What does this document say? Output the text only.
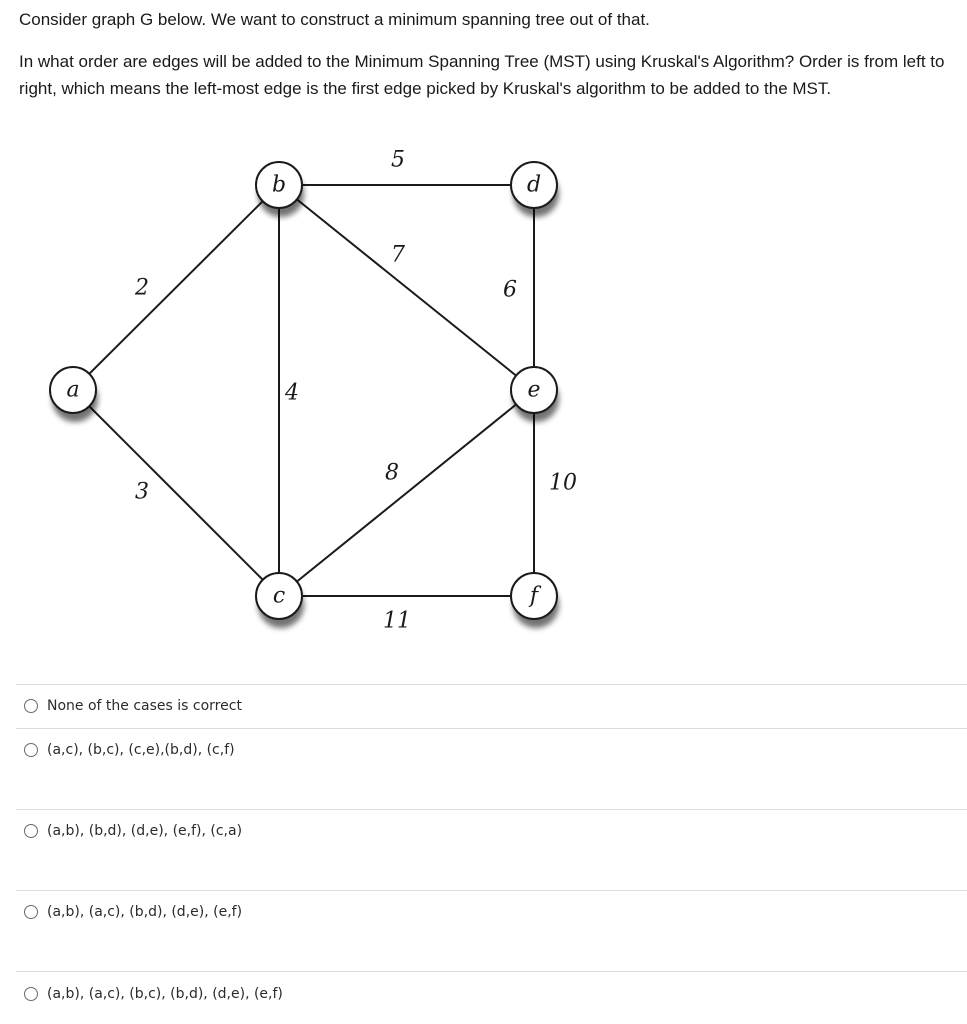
Consider graph G below. We want to construct a minimum spanning tree out of that.

In what order are edges will be added to the Minimum Spanning Tree (MST) using Kruskal's Algorithm? Order is from left to right, which means the left-most edge is the first edge picked by Kruskal's algorithm to be added to the MST.

2
3
4
5
6
7
8	10
11
a
b
c
d
e
f
None of the cases is correct
(a,c), (b,c), (c,e),(b,d), (c,f)
(a,b), (b,d), (d,e), (e,f), (c,a)
(a,b), (a,c), (b,d), (d,e), (e,f)
(a,b), (a,c), (b,c), (b,d), (d,e), (e,f)
